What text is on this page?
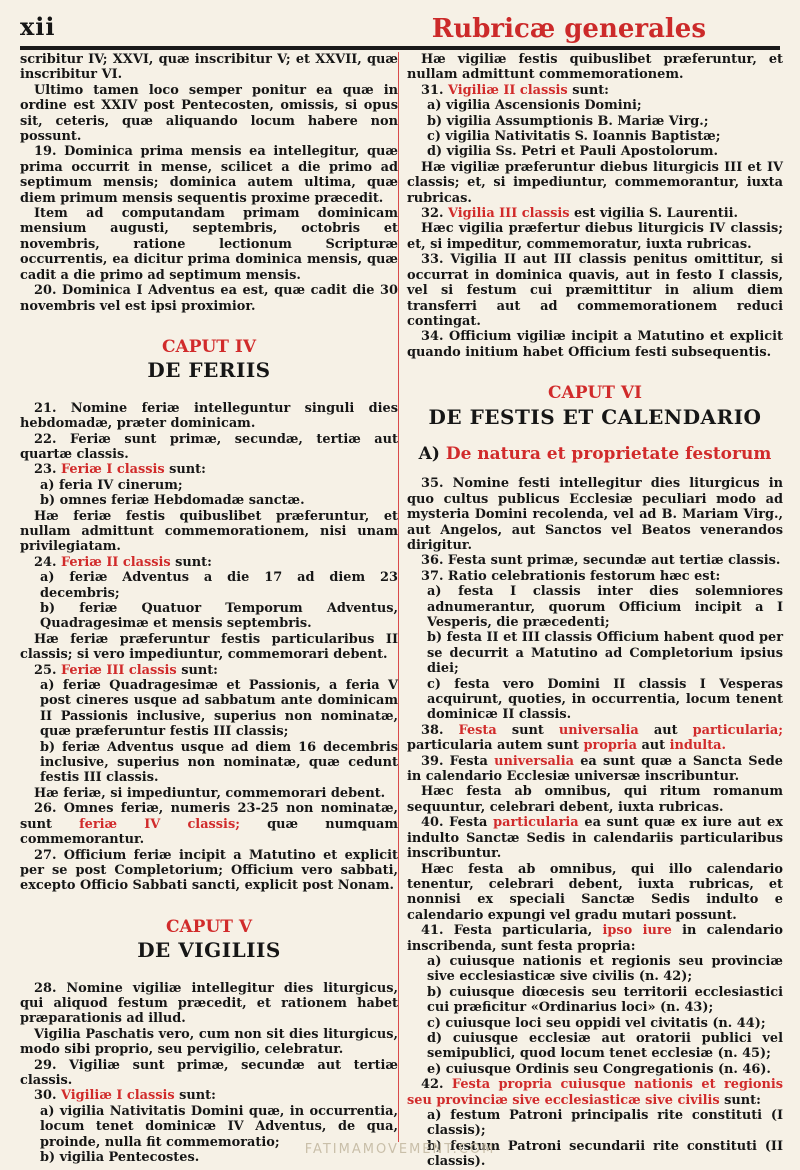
xii	Rubricæ generales

scribitur IV; XXVI, quæ inscribitur V; et XXVII, quæ inscribitur VI.

Ultimo tamen loco semper ponitur ea quæ in ordine est XXIV post Pentecosten, omissis, si opus sit, ceteris, quæ aliquando locum habere non possunt.

19. Dominica prima mensis ea intellegitur, quæ prima occurrit in mense, scilicet a die primo ad septimum mensis; dominica autem ultima, quæ diem primum mensis sequentis proxime præcedit.

Item ad computandam primam dominicam mensium augusti, septembris, octobris et novembris, ratione lectionum Scripturæ occurrentis, ea dicitur prima dominica mensis, quæ cadit a die primo ad septimum mensis.

20. Dominica I Adventus ea est, quæ cadit die 30 novembris vel est ipsi proximior.

CAPUT IV
DE FERIIS

21. Nomine feriæ intelleguntur singuli dies hebdomadæ, præter dominicam.

22. Feriæ sunt primæ, secundæ, tertiæ aut quartæ classis.

23. Feriæ I classis sunt:

a) feria IV cinerum;

b) omnes feriæ Hebdomadæ sanctæ.

Hæ feriæ festis quibuslibet præferuntur, et nullam admittunt commemorationem, nisi unam privilegiatam.

24. Feriæ II classis sunt:

a) feriæ Adventus a die 17 ad diem 23 decembris;

b) feriæ Quatuor Temporum Adventus, Quadragesimæ et mensis septembris.

Hæ feriæ præferuntur festis particularibus II classis; si vero impediuntur, commemorari debent.

25. Feriæ III classis sunt:

a) feriæ Quadragesimæ et Passionis, a feria V post cineres usque ad sabbatum ante dominicam II Passionis inclusive, superius non nominatæ, quæ præferuntur festis III classis;

b) feriæ Adventus usque ad diem 16 decembris inclusive, superius non nominatæ, quæ cedunt festis III classis.

Hæ feriæ, si impediuntur, commemorari debent.

26. Omnes feriæ, numeris 23-25 non nominatæ, sunt feriæ IV classis; quæ numquam commemorantur.

27. Officium feriæ incipit a Matutino et explicit per se post Completorium; Officium vero sabbati, excepto Officio Sabbati sancti, explicit post Nonam.

CAPUT V
DE VIGILIIS

28. Nomine vigiliæ intellegitur dies liturgicus, qui aliquod festum præcedit, et rationem habet præparationis ad illud.

Vigilia Paschatis vero, cum non sit dies liturgicus, modo sibi proprio, seu pervigilio, celebratur.

29. Vigiliæ sunt primæ, secundæ aut tertiæ classis.

30. Vigiliæ I classis sunt:

a) vigilia Nativitatis Domini quæ, in occurrentia, locum tenet dominicæ IV Adventus, de qua, proinde, nulla fit commemoratio;

b) vigilia Pentecostes.

Hæ vigiliæ festis quibuslibet præferuntur, et nullam admittunt commemorationem.

31. Vigiliæ II classis sunt:

a) vigilia Ascensionis Domini;

b) vigilia Assumptionis B. Mariæ Virg.;

c) vigilia Nativitatis S. Ioannis Baptistæ;

d) vigilia Ss. Petri et Pauli Apostolorum.

Hæ vigiliæ præferuntur diebus liturgicis III et IV classis; et, si impediuntur, commemorantur, iuxta rubricas.

32. Vigilia III classis est vigilia S. Laurentii.

Hæc vigilia præfertur diebus liturgicis IV classis; et, si impeditur, commemoratur, iuxta rubricas.

33. Vigilia II aut III classis penitus omittitur, si occurrat in dominica quavis, aut in festo I classis, vel si festum cui præmittitur in alium diem transferri aut ad commemorationem reduci contingat.

34. Officium vigiliæ incipit a Matutino et explicit quando initium habet Officium festi subsequentis.

CAPUT VI
DE FESTIS ET CALENDARIO
A) De natura et proprietate festorum

35. Nomine festi intellegitur dies liturgicus in quo cultus publicus Ecclesiæ peculiari modo ad mysteria Domini recolenda, vel ad B. Mariam Virg., aut Angelos, aut Sanctos vel Beatos venerandos dirigitur.

36. Festa sunt primæ, secundæ aut tertiæ classis.

37. Ratio celebrationis festorum hæc est:

a) festa I classis inter dies solemniores adnumerantur, quorum Officium incipit a I Vesperis, die præcedenti;

b) festa II et III classis Officium habent quod per se decurrit a Matutino ad Completorium ipsius diei;

c) festa vero Domini II classis I Vesperas acquirunt, quoties, in occurrentia, locum tenent dominicæ II classis.

38. Festa sunt universalia aut particularia; particularia autem sunt propria aut indulta.

39. Festa universalia ea sunt quæ a Sancta Sede in calendario Ecclesiæ universæ inscribuntur.

Hæc festa ab omnibus, qui ritum romanum sequuntur, celebrari debent, iuxta rubricas.

40. Festa particularia ea sunt quæ ex iure aut ex indulto Sanctæ Sedis in calendariis particularibus inscribuntur.

Hæc festa ab omnibus, qui illo calendario tenentur, celebrari debent, iuxta rubricas, et nonnisi ex speciali Sanctæ Sedis indulto e calendario expungi vel gradu mutari possunt.

41. Festa particularia, ipso iure in calendario inscribenda, sunt festa propria:

a) cuiusque nationis et regionis seu provinciæ sive ecclesiasticæ sive civilis (n. 42);

b) cuiusque diœcesis seu territorii ecclesiastici cui præficitur «Ordinarius loci» (n. 43);

c) cuiusque loci seu oppidi vel civitatis (n. 44);

d) cuiusque ecclesiæ aut oratorii publici vel semipublici, quod locum tenet ecclesiæ (n. 45);

e) cuiusque Ordinis seu Congregationis (n. 46).

42. Festa propria cuiusque nationis et regionis seu provinciæ sive ecclesiasticæ sive civilis sunt:

a) festum Patroni principalis rite constituti (I classis);

b) festum Patroni secundarii rite constituti (II classis).

FATIMAMOVEMENT.COM
